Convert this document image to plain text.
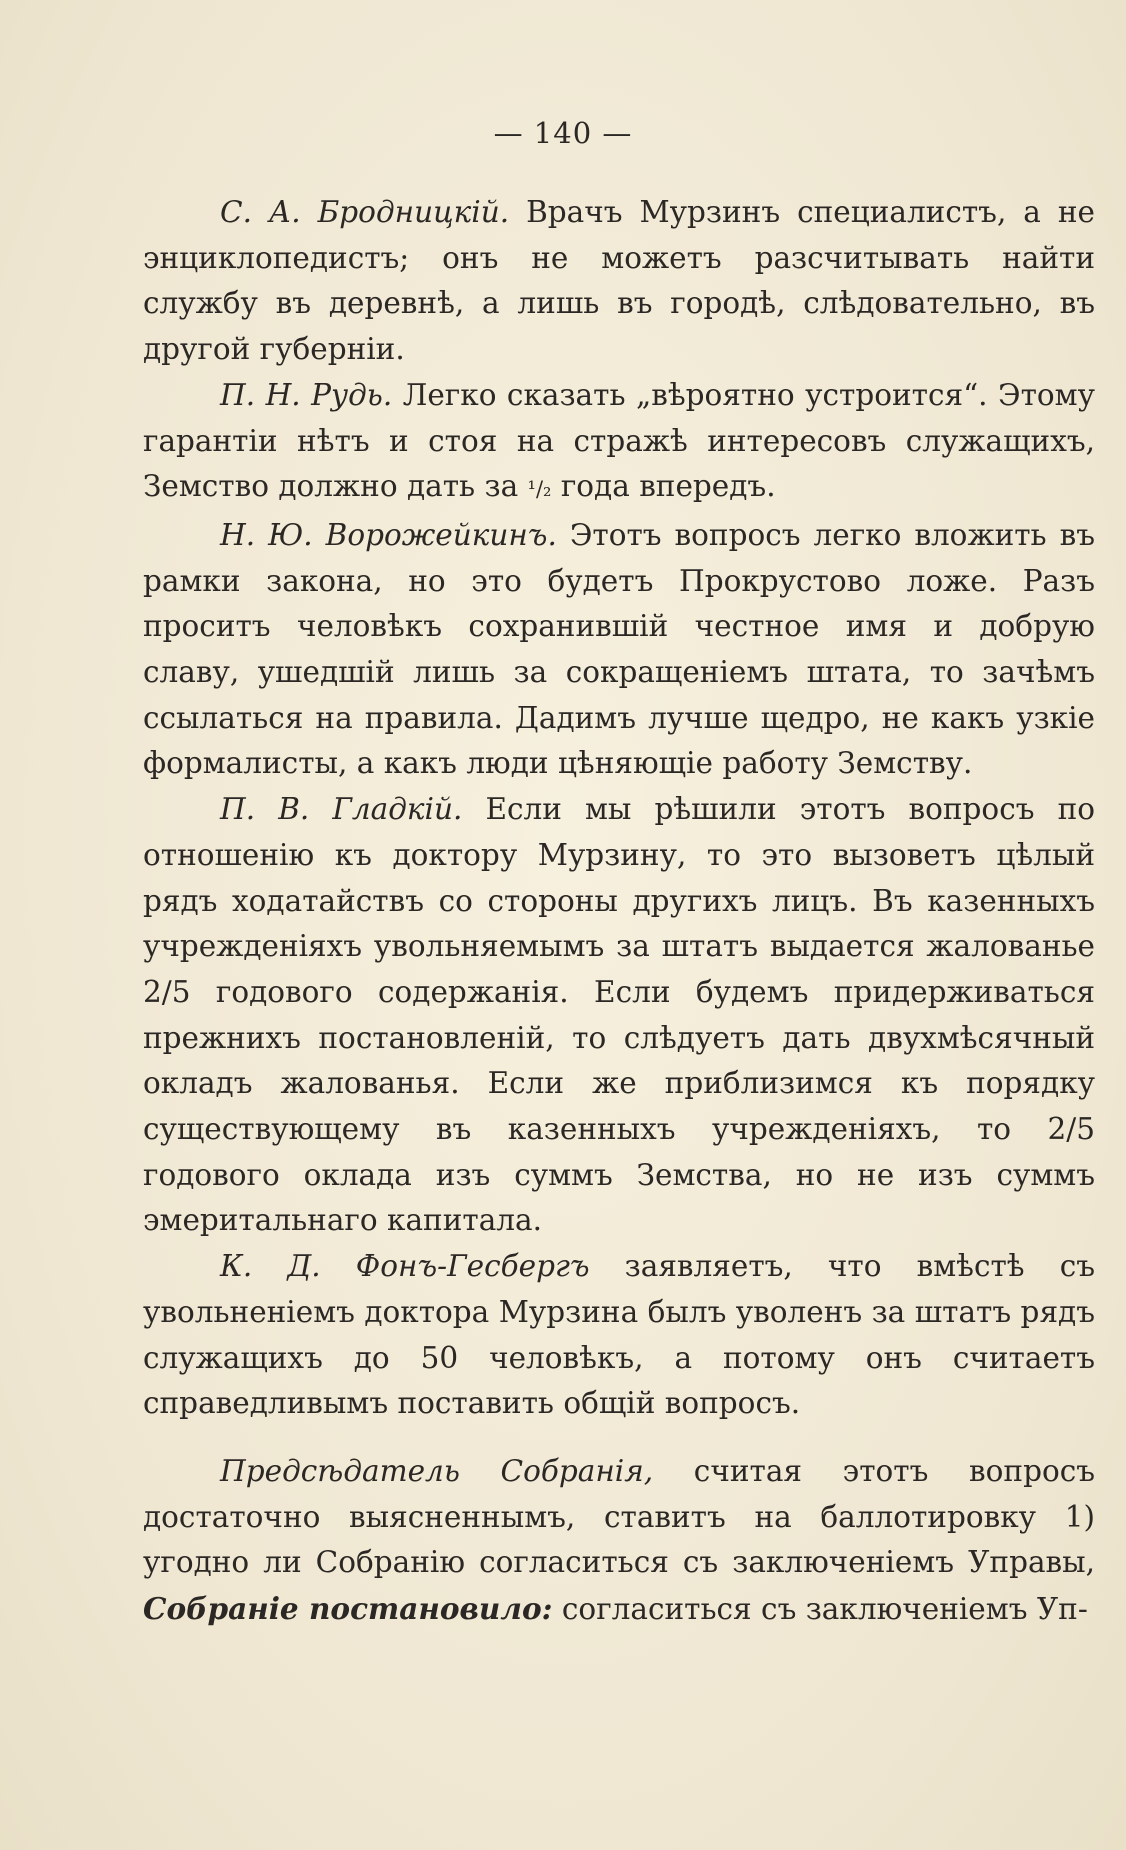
— 140 —

С. А. Бродницкій. Врачъ Мурзинъ специалистъ, а не энциклопедистъ; онъ не можетъ разсчитывать найти службу въ деревнѣ, а лишь въ городѣ, слѣдовательно, въ другой губерніи.

П. Н. Рудь. Легко сказать „вѣроятно устроится“. Этому гарантіи нѣтъ и стоя на стражѣ интересовъ служащихъ, Земство должно дать за ¹/₂ года впередъ.

Н. Ю. Ворожейкинъ. Этотъ вопросъ легко вложить въ рамки закона, но это будетъ Прокрустово ложе. Разъ проситъ человѣкъ сохранившій честное имя и добрую славу, ушедшій лишь за сокращеніемъ штата, то зачѣмъ ссылаться на правила. Дадимъ лучше щедро, не какъ узкіе формалисты, а какъ люди цѣняющіе работу Земству.

П. В. Гладкій. Если мы рѣшили этотъ вопросъ по отношенію къ доктору Мурзину, то это вызоветъ цѣлый рядъ ходатайствъ со стороны другихъ лицъ. Въ казенныхъ учрежденіяхъ увольняемымъ за штатъ выдается жалованье 2/5 годового содержанія. Если будемъ придерживаться прежнихъ постановленій, то слѣдуетъ дать двухмѣсячный окладъ жалованья. Если же приблизимся къ порядку существующему въ казенныхъ учрежденіяхъ, то 2/5 годового оклада изъ суммъ Земства, но не изъ суммъ эмеритальнаго капитала.

К. Д. Фонъ-Гесбергъ заявляетъ, что вмѣстѣ съ увольненіемъ доктора Мурзина былъ уволенъ за штатъ рядъ служащихъ до 50 человѣкъ, а потому онъ считаетъ справедливымъ поставить общій вопросъ.

Предсѣдатель Собранія, считая этотъ вопросъ достаточно выясненнымъ, ставитъ на баллотировку 1) угодно ли Собранію согласиться съ заключеніемъ Управы, Собраніе постановило: согласиться съ заключеніемъ Уп-
